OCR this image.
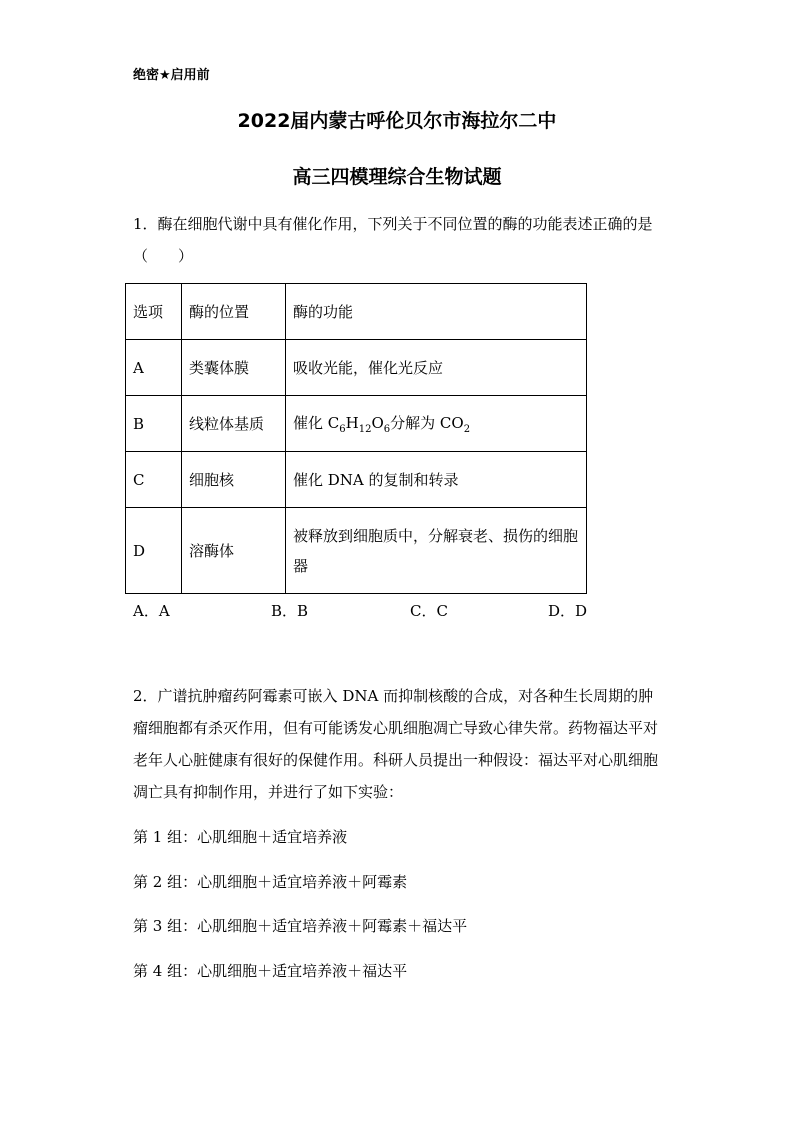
绝密★启用前
2022届内蒙古呼伦贝尔市海拉尔二中
高三四模理综合生物试题
1．酶在细胞代谢中具有催化作用，下列关于不同位置的酶的功能表述正确的是（　　）
选项	酶的位置	酶的功能
A	类囊体膜	吸收光能，催化光反应
B	线粒体基质	催化 $C_6H_{12}O_6$分解为 $CO_2$
C	细胞核	催化 DNA 的复制和转录
D	溶酶体	被释放到细胞质中，分解衰老、损伤的细胞器
A．A	B．B	C．C	D．D
2．广谱抗肿瘤药阿霉素可嵌入 DNA 而抑制核酸的合成，对各种生长周期的肿瘤细胞都有杀灭作用，但有可能诱发心肌细胞凋亡导致心律失常。药物福达平对老年人心脏健康有很好的保健作用。科研人员提出一种假设：福达平对心肌细胞凋亡具有抑制作用，并进行了如下实验：
第 1 组：心肌细胞＋适宜培养液
第 2 组：心肌细胞＋适宜培养液＋阿霉素
第 3 组：心肌细胞＋适宜培养液＋阿霉素＋福达平
第 4 组：心肌细胞＋适宜培养液＋福达平
